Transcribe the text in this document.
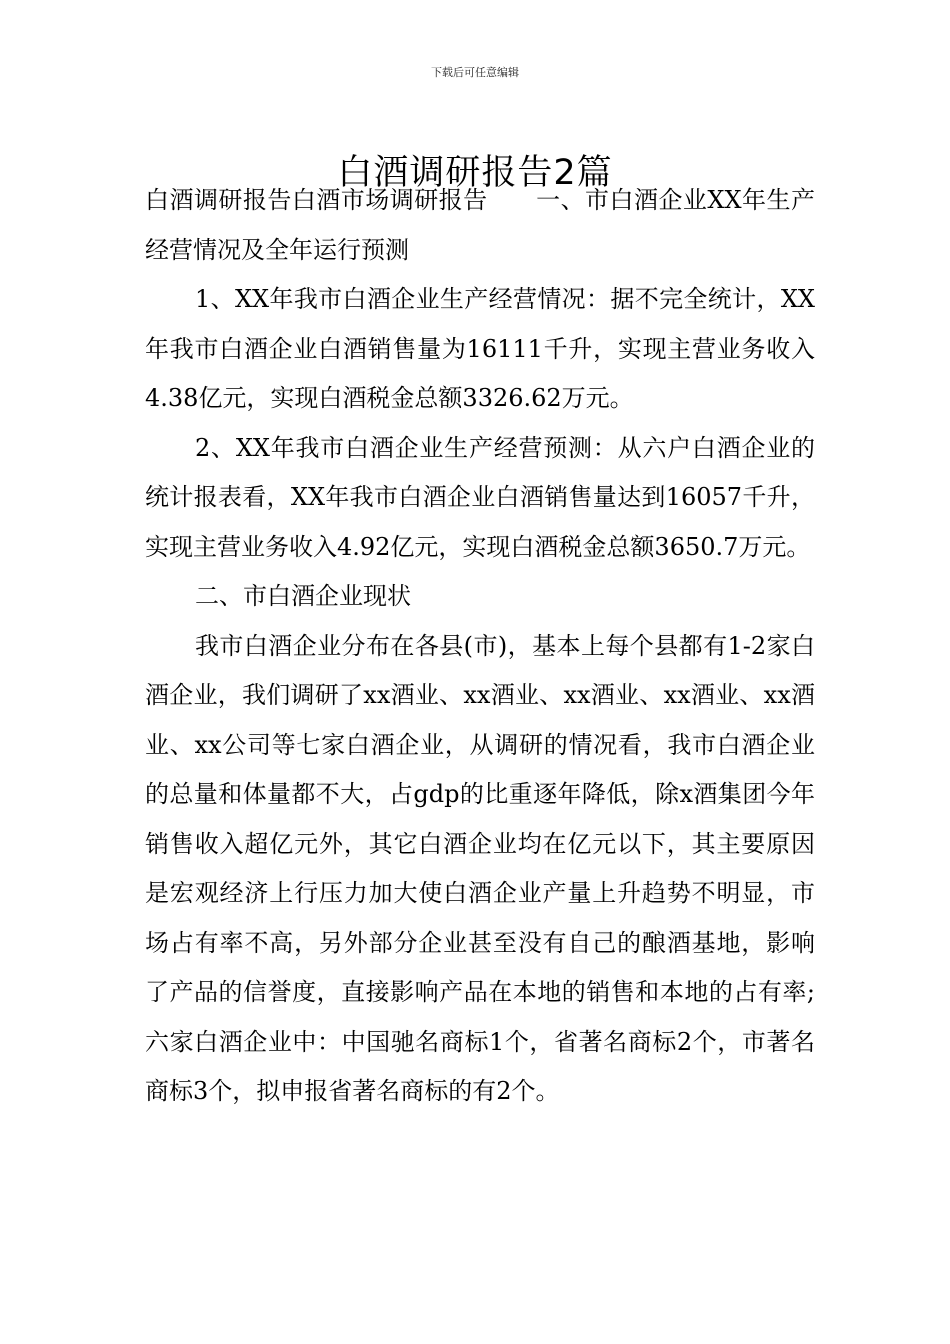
下载后可任意编辑
白酒调研报告2篇

白酒调研报告白酒市场调研报告 一、市白酒企业XX年生产经营情况及全年运行预测

1、XX年我市白酒企业生产经营情况：据不完全统计，XX年我市白酒企业白酒销售量为16111千升，实现主营业务收入4.38亿元，实现白酒税金总额3326.62万元。

2、XX年我市白酒企业生产经营预测：从六户白酒企业的统计报表看，XX年我市白酒企业白酒销售量达到16057千升，实现主营业务收入4.92亿元，实现白酒税金总额3650.7万元。

二、市白酒企业现状

我市白酒企业分布在各县(市)，基本上每个县都有1-2家白酒企业，我们调研了xx酒业、xx酒业、xx酒业、xx酒业、xx酒业、xx公司等七家白酒企业，从调研的情况看，我市白酒企业的总量和体量都不大，占gdp的比重逐年降低，除x酒集团今年销售收入超亿元外，其它白酒企业均在亿元以下，其主要原因是宏观经济上行压力加大使白酒企业产量上升趋势不明显，市场占有率不高，另外部分企业甚至没有自己的酿酒基地，影响了产品的信誉度，直接影响产品在本地的销售和本地的占有率;六家白酒企业中：中国驰名商标1个，省著名商标2个，市著名商标3个，拟申报省著名商标的有2个。
